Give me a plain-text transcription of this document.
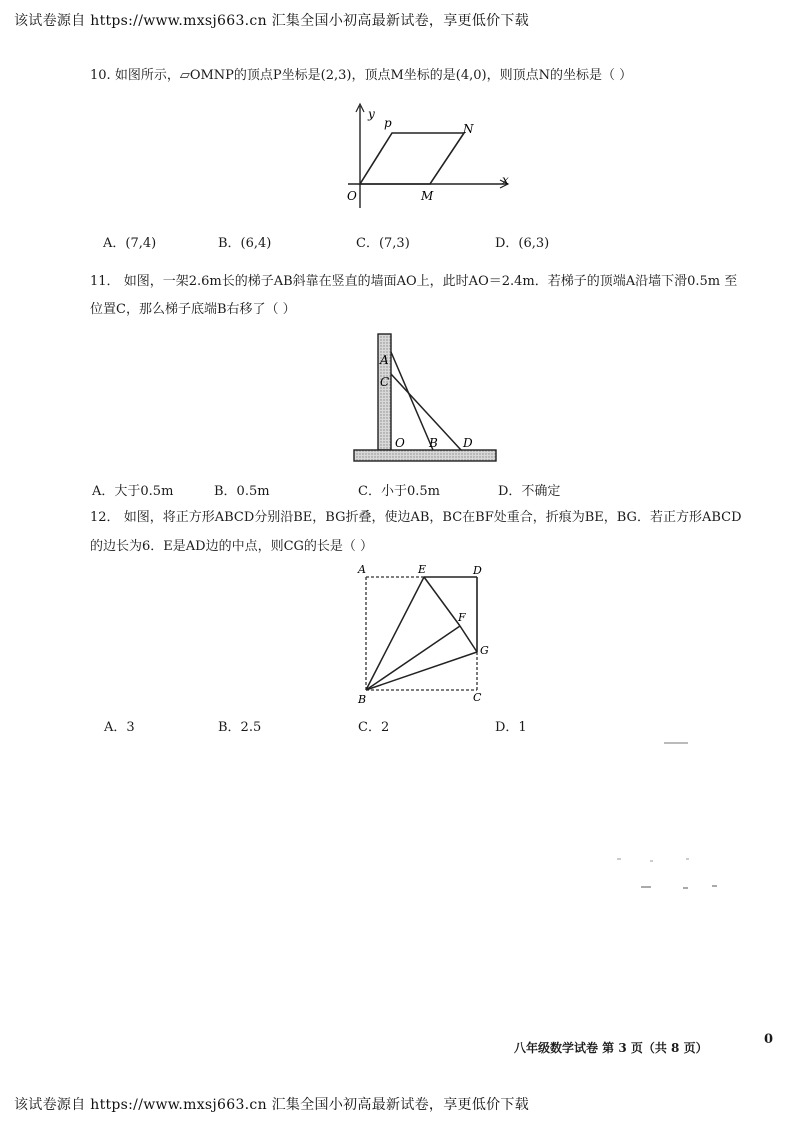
该试卷源自 https://www.mxsj663.cn 汇集全国小初高最新试卷，享更低价下载
10. 如图所示，▱OMNP的顶点P坐标是(2,3)，顶点M坐标的是(4,0)，则顶点N的坐标是（ ）
y
p	N
O	M
x
A．(7,4)	B．(6,4)	C．(7,3)	D．(6,3)
11． 如图，一架2.6m长的梯子AB斜靠在竖直的墙面AO上，此时AO＝2.4m．若梯子的顶端A沿墙下滑0.5m 至
位置C，那么梯子底端B右移了（ ）
A
C
O B D
A．大于0.5m	B．0.5m	C．小于0.5m	D．不确定
12． 如图，将正方形ABCD分别沿BE，BG折叠，使边AB，BC在BF处重合，折痕为BE，BG．若正方形ABCD
的边长为6．E是AD边的中点，则CG的长是（ ）
A	E	D
F
G
B	C
A．3	B．2.5	C．2	D．1
八年级数学试卷 第 3 页（共 8 页）
0
该试卷源自 https://www.mxsj663.cn 汇集全国小初高最新试卷，享更低价下载
